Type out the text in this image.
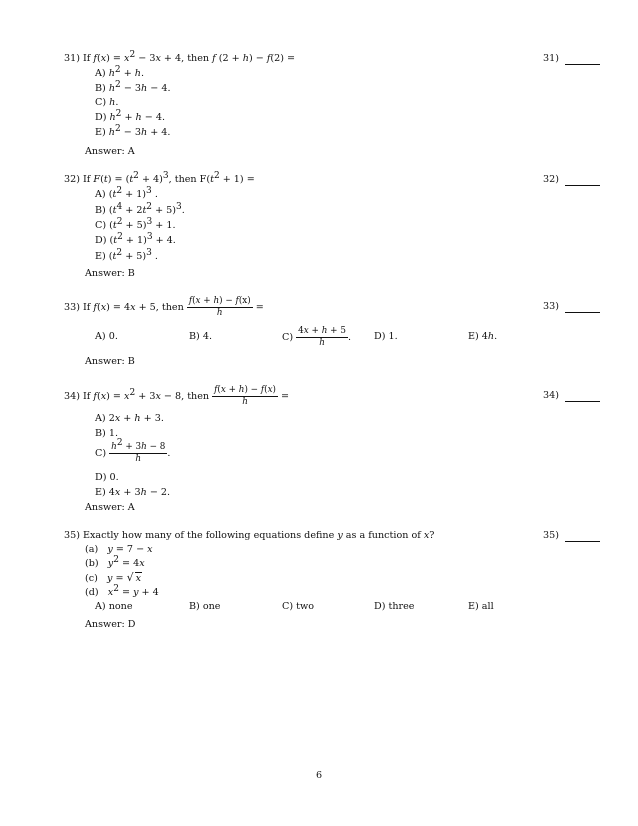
31) If $f(x) = x^2 - 3x + 4$, then f (2 + h) − f(2) =	31)
A) $h^2 + h$.
B) $h^2 - 3h - 4$.
C) h.
D) $h^2 + h - 4$.
E) $h^2 - 3h + 4$.
Answer: A
32) If $F(t) = (t^2 + 4)^3$, then $F(t^2 + 1)$ =	32)
A) $(t^2 + 1)^3$ .
B) $(t^4 + 2t^2 + 5)^3$.
C) $(t^2 + 5)^3 + 1$.
D) $(t^2 + 1)^3 + 4$.
E) $(t^2 + 5)^3$ .
Answer: B
33) If f(x) = 4x + 5, then $\frac{f(x + h) - f(x)}{h}$ =	33)
A) 0.	B) 4.	$C) \frac{4x + h + 5}{h}$ . D) 1.	E) 4h.
Answer: B
34) If $f(x) = x^2 + 3x - 8$, then $\frac{f(x + h) - f(x)}{h}$ =	34)
A) 2x + h + 3.
B) 1.
$C) \frac{h^2 + 3h - 8}{h}$ .
D) 0.
E) 4x + 3h − 2.
Answer: A
35) Exactly how many of the following equations define y as a function of x?	35)
(a)   y = 7 − x
(b)   $y^2 = 4x$
(c)   y = √ x
(d)   $x^2 = y + 4$
A) none	B) one	C) two	D) three	E) all
Answer: D
6
